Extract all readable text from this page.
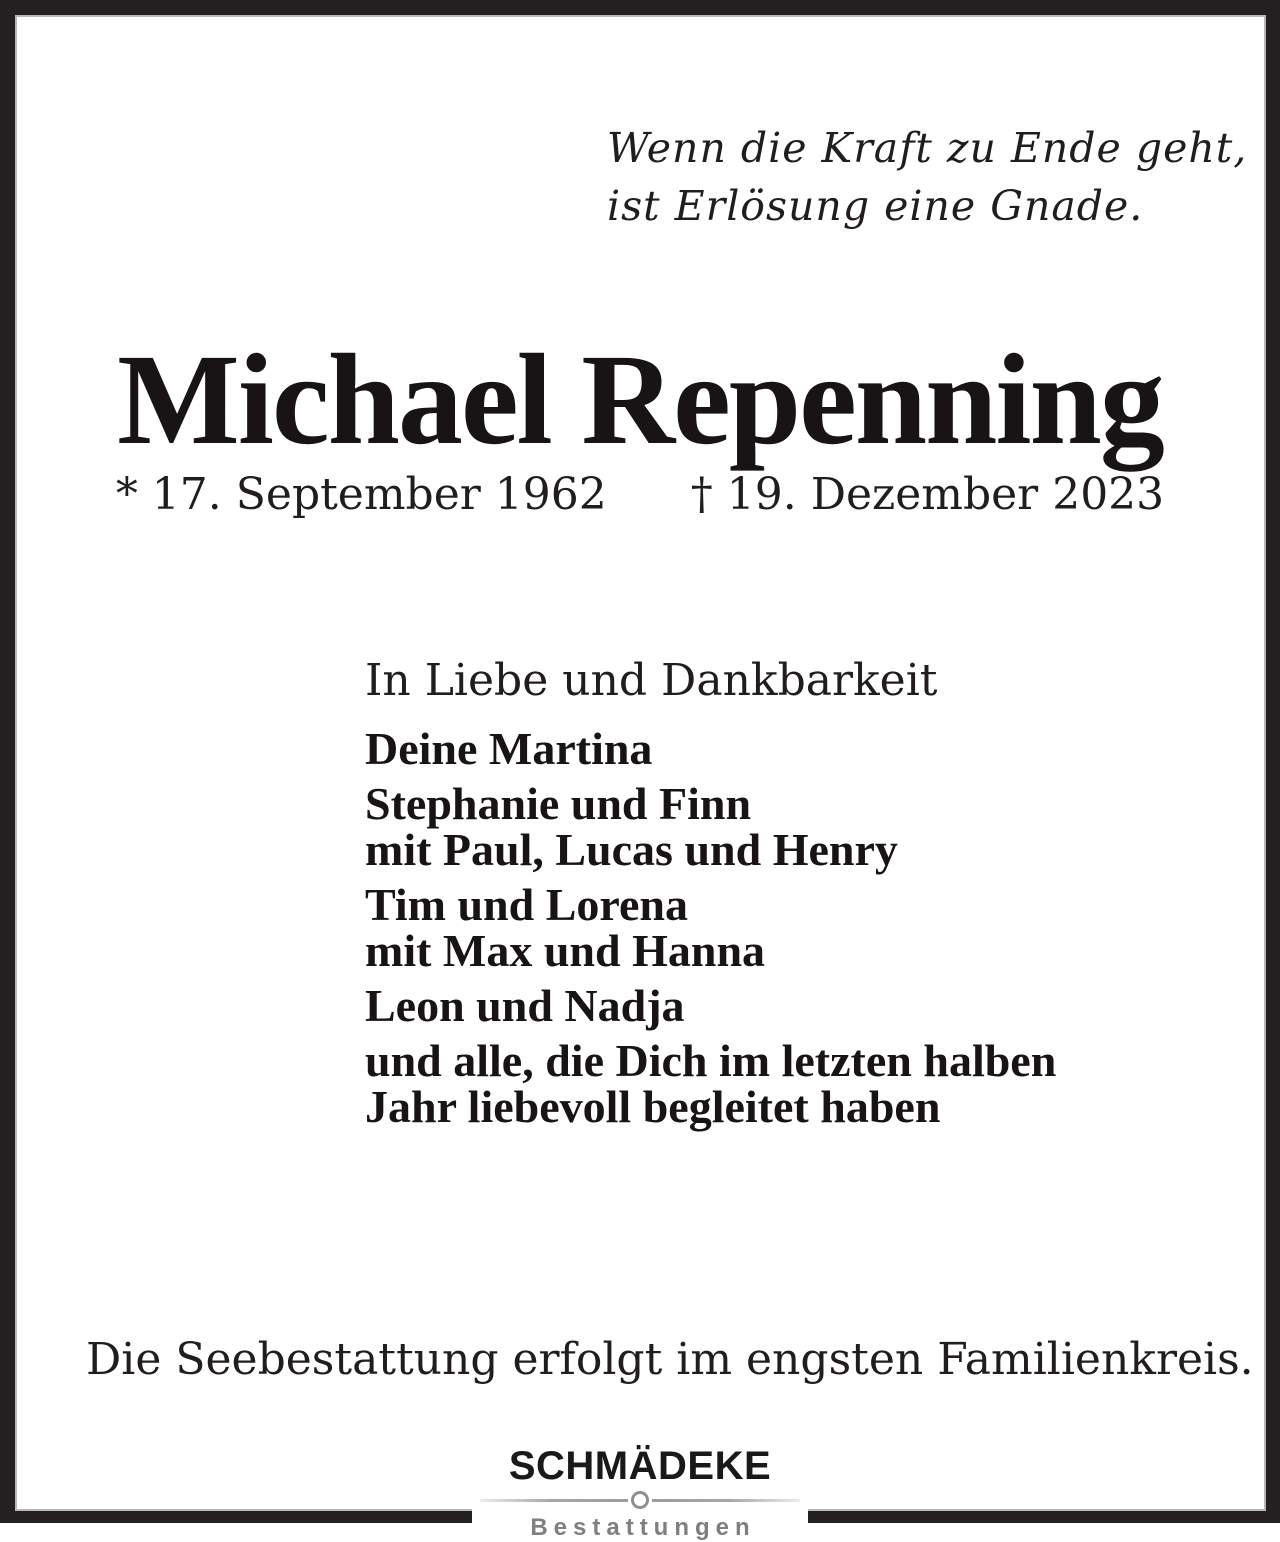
Wenn die Kraft zu Ende geht,
ist Erlösung eine Gnade.
Michael Repenning
* 17. September 1962 † 19. Dezember 2023
In Liebe und Dankbarkeit
Deine Martina
Stephanie und Finn
mit Paul, Lucas und Henry
Tim und Lorena
mit Max und Hanna
Leon und Nadja
und alle, die Dich im letzten halben
Jahr liebevoll begleitet haben
Die Seebestattung erfolgt im engsten Familienkreis.
SCHMÄDEKE
Bestattungen
